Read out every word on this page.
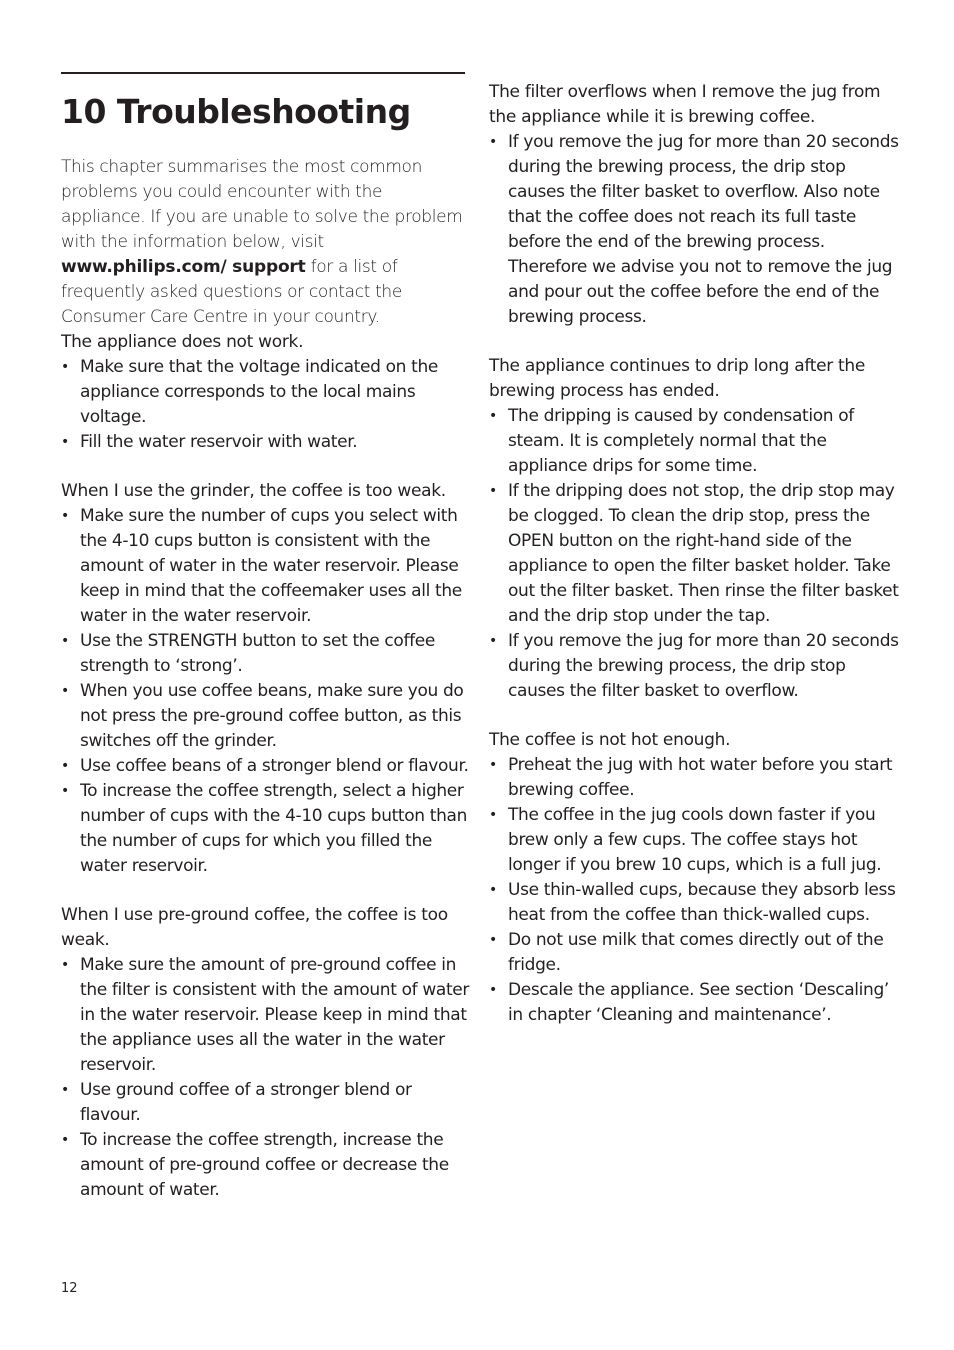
10 Troubleshooting

This chapter summarises the most common problems you could encounter with the appliance. If you are unable to solve the problem with the information below, visit www.philips.com/ support for a list of frequently asked questions or contact the Consumer Care Centre in your country.

The appliance does not work.
• Make sure that the voltage indicated on the appliance corresponds to the local mains voltage.
• Fill the water reservoir with water.
When I use the grinder, the coffee is too weak.
• Make sure the number of cups you select with the 4-10 cups button is consistent with the amount of water in the water reservoir. Please keep in mind that the coffeemaker uses all the water in the water reservoir.
• Use the STRENGTH button to set the coffee strength to ‘strong’.
• When you use coffee beans, make sure you do not press the pre-ground coffee button, as this switches off the grinder.
• Use coffee beans of a stronger blend or flavour.
• To increase the coffee strength, select a higher number of cups with the 4-10 cups button than the number of cups for which you filled the water reservoir.
When I use pre-ground coffee, the coffee is too weak.
• Make sure the amount of pre-ground coffee in the filter is consistent with the amount of water in the water reservoir. Please keep in mind that the appliance uses all the water in the water reservoir.
• Use ground coffee of a stronger blend or flavour.
• To increase the coffee strength, increase the amount of pre-ground coffee or decrease the amount of water.
The filter overflows when I remove the jug from the appliance while it is brewing coffee.
• If you remove the jug for more than 20 seconds during the brewing process, the drip stop causes the filter basket to overflow. Also note that the coffee does not reach its full taste before the end of the brewing process. Therefore we advise you not to remove the jug and pour out the coffee before the end of the brewing process.
The appliance continues to drip long after the brewing process has ended.
• The dripping is caused by condensation of steam. It is completely normal that the appliance drips for some time.
• If the dripping does not stop, the drip stop may be clogged. To clean the drip stop, press the OPEN button on the right-hand side of the appliance to open the filter basket holder. Take out the filter basket. Then rinse the filter basket and the drip stop under the tap.
• If you remove the jug for more than 20 seconds during the brewing process, the drip stop causes the filter basket to overflow.
The coffee is not hot enough.
• Preheat the jug with hot water before you start brewing coffee.
• The coffee in the jug cools down faster if you brew only a few cups. The coffee stays hot longer if you brew 10 cups, which is a full jug.
• Use thin-walled cups, because they absorb less heat from the coffee than thick-walled cups.
• Do not use milk that comes directly out of the fridge.
• Descale the appliance. See section ‘Descaling’ in chapter ‘Cleaning and maintenance’.
12
